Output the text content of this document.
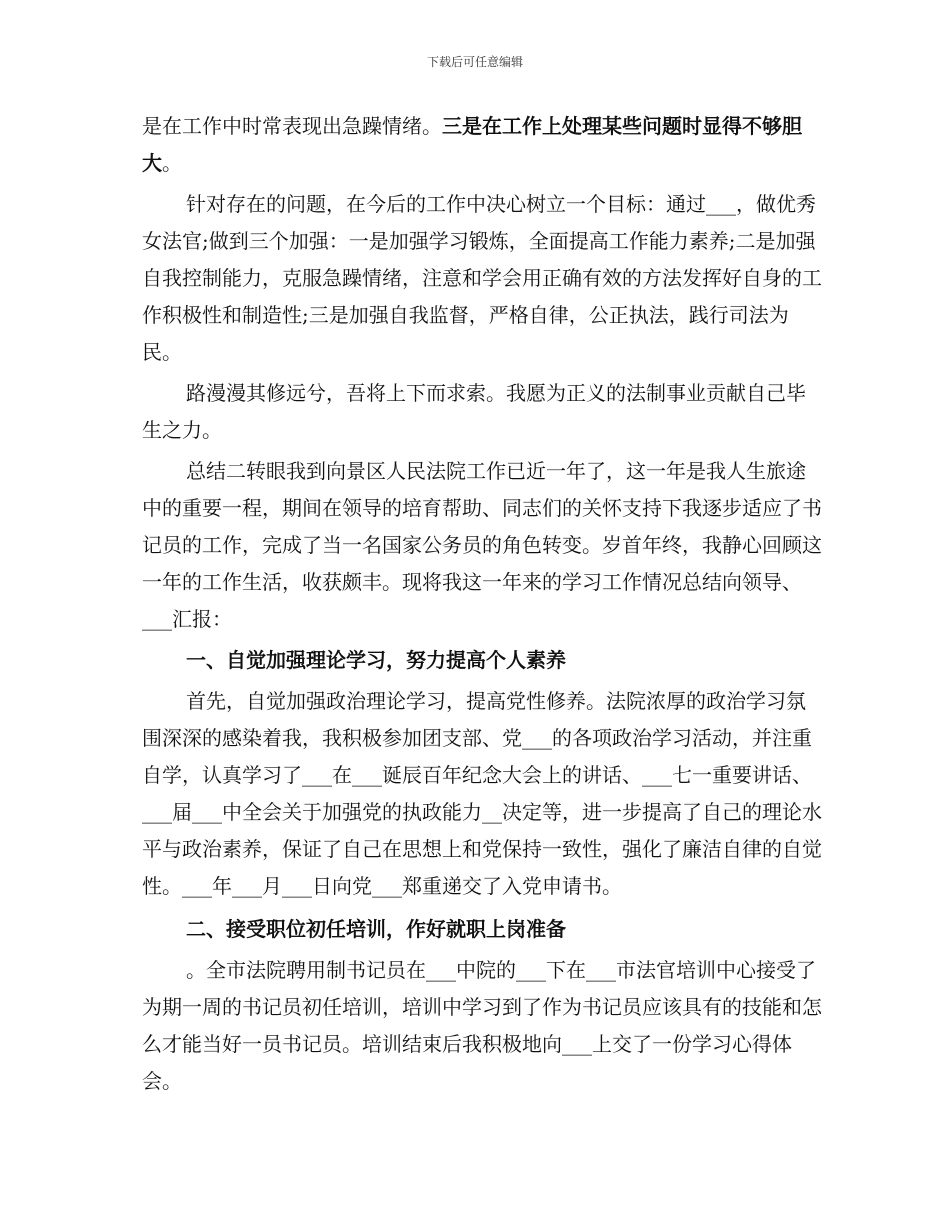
下载后可任意编辑

是在工作中时常表现出急躁情绪。三是在工作上处理某些问题时显得不够胆大。

针对存在的问题，在今后的工作中决心树立一个目标：通过___，做优秀女法官;做到三个加强：一是加强学习锻炼，全面提高工作能力素养;二是加强自我控制能力，克服急躁情绪，注意和学会用正确有效的方法发挥好自身的工作积极性和制造性;三是加强自我监督，严格自律，公正执法，践行司法为民。

路漫漫其修远兮，吾将上下而求索。我愿为正义的法制事业贡献自己毕生之力。

总结二转眼我到向景区人民法院工作已近一年了，这一年是我人生旅途中的重要一程，期间在领导的培育帮助、同志们的关怀支持下我逐步适应了书记员的工作，完成了当一名国家公务员的角色转变。岁首年终，我静心回顾这一年的工作生活，收获颇丰。现将我这一年来的学习工作情况总结向领导、___汇报：

一、自觉加强理论学习，努力提高个人素养

首先，自觉加强政治理论学习，提高党性修养。法院浓厚的政治学习氛围深深的感染着我，我积极参加团支部、党___的各项政治学习活动，并注重自学，认真学习了___在___诞辰百年纪念大会上的讲话、___七一重要讲话、___届___中全会关于加强党的执政能力__决定等，进一步提高了自己的理论水平与政治素养，保证了自己在思想上和党保持一致性，强化了廉洁自律的自觉性。___年___月___日向党___郑重递交了入党申请书。

二、接受职位初任培训，作好就职上岗准备

。全市法院聘用制书记员在___中院的___下在___市法官培训中心接受了为期一周的书记员初任培训，培训中学习到了作为书记员应该具有的技能和怎么才能当好一员书记员。培训结束后我积极地向___上交了一份学习心得体会。
